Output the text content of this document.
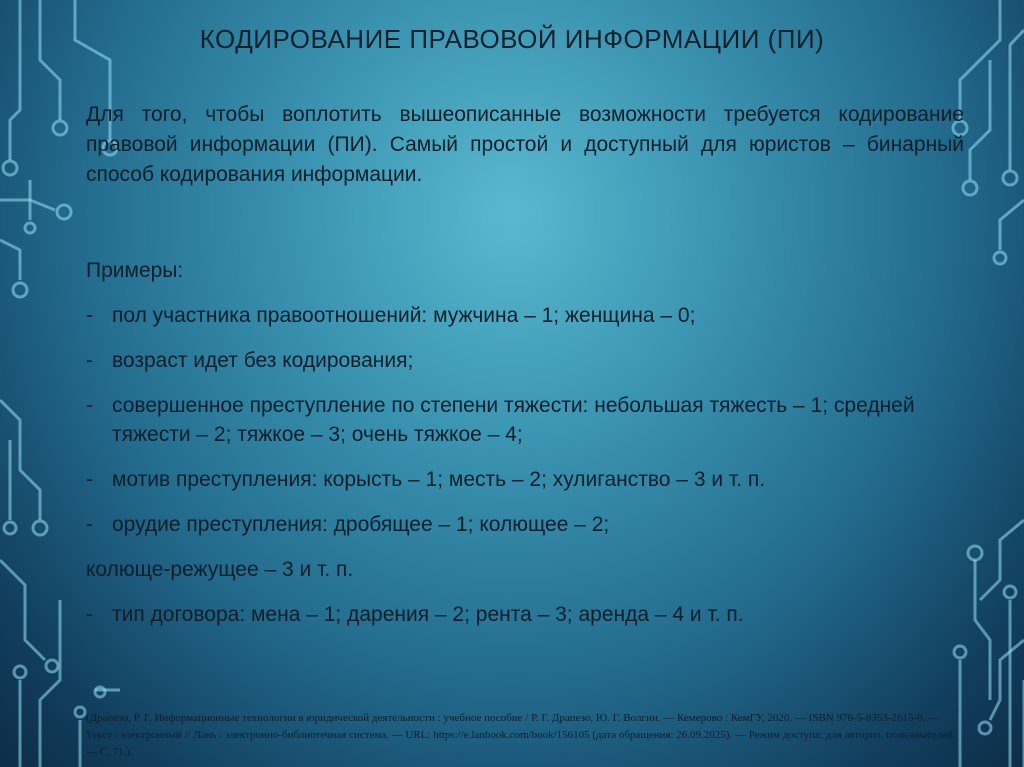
КОДИРОВАНИЕ ПРАВОВОЙ ИНФОРМАЦИИ (ПИ)
Для того, чтобы воплотить вышеописанные возможности требуется кодирование правовой информации (ПИ). Самый простой и доступный для юристов – бинарный способ кодирования информации.
Примеры:
- пол участника правоотношений: мужчина – 1; женщина – 0;
- возраст идет без кодирования;
- совершенное преступление по степени тяжести: небольшая тяжесть – 1; средней тяжести – 2; тяжкое – 3; очень тяжкое – 4;
- мотив преступления: корысть – 1; месть – 2; хулиганство – 3 и т. п.
- орудие преступления: дробящее – 1; колющее – 2;
колюще-режущее – 3 и т. п.
- тип договора: мена – 1; дарения – 2; рента – 3; аренда – 4 и т. п.
(Драпезо, Р. Г. Информационные технологии в юридической деятельности : учебное пособие / Р. Г. Драпезо, Ю. Г. Волгин. — Кемерово : КемГУ, 2020. — ISBN 978-5-8353-2615-0. — Текст : электронный // Лань : электронно-библиотечная система. — URL: https://e.lanbook.com/book/156105 (дата обращения: 26.09.2025). — Режим доступа: для авториз. пользователей. — С. 71.).
